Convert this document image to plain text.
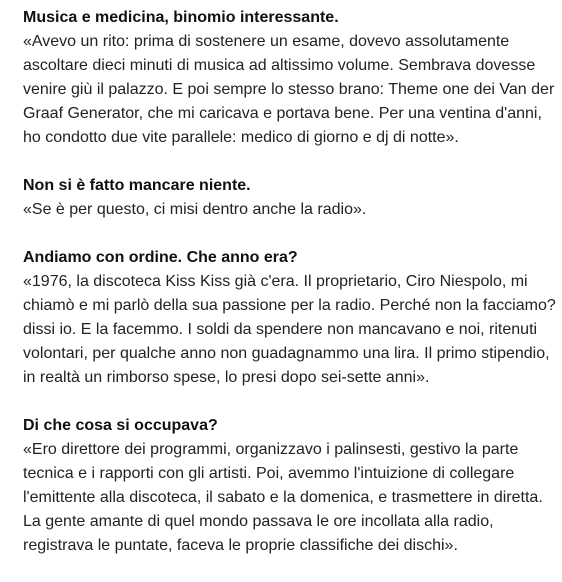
Musica e medicina, binomio interessante.

«Avevo un rito: prima di sostenere un esame, dovevo assolutamente ascoltare dieci minuti di musica ad altissimo volume. Sembrava dovesse venire giù il palazzo. E poi sempre lo stesso brano: Theme one dei Van der Graaf Generator, che mi caricava e portava bene. Per una ventina d'anni, ho condotto due vite parallele: medico di giorno e dj di notte».

Non si è fatto mancare niente.

«Se è per questo, ci misi dentro anche la radio».

Andiamo con ordine. Che anno era?

«1976, la discoteca Kiss Kiss già c'era. Il proprietario, Ciro Niespolo, mi chiamò e mi parlò della sua passione per la radio. Perché non la facciamo? dissi io. E la facemmo. I soldi da spendere non mancavano e noi, ritenuti volontari, per qualche anno non guadagnammo una lira. Il primo stipendio, in realtà un rimborso spese, lo presi dopo sei-sette anni».

Di che cosa si occupava?

«Ero direttore dei programmi, organizzavo i palinsesti, gestivo la parte tecnica e i rapporti con gli artisti. Poi, avemmo l'intuizione di collegare l'emittente alla discoteca, il sabato e la domenica, e trasmettere in diretta. La gente amante di quel mondo passava le ore incollata alla radio, registrava le puntate, faceva le proprie classifiche dei dischi».
